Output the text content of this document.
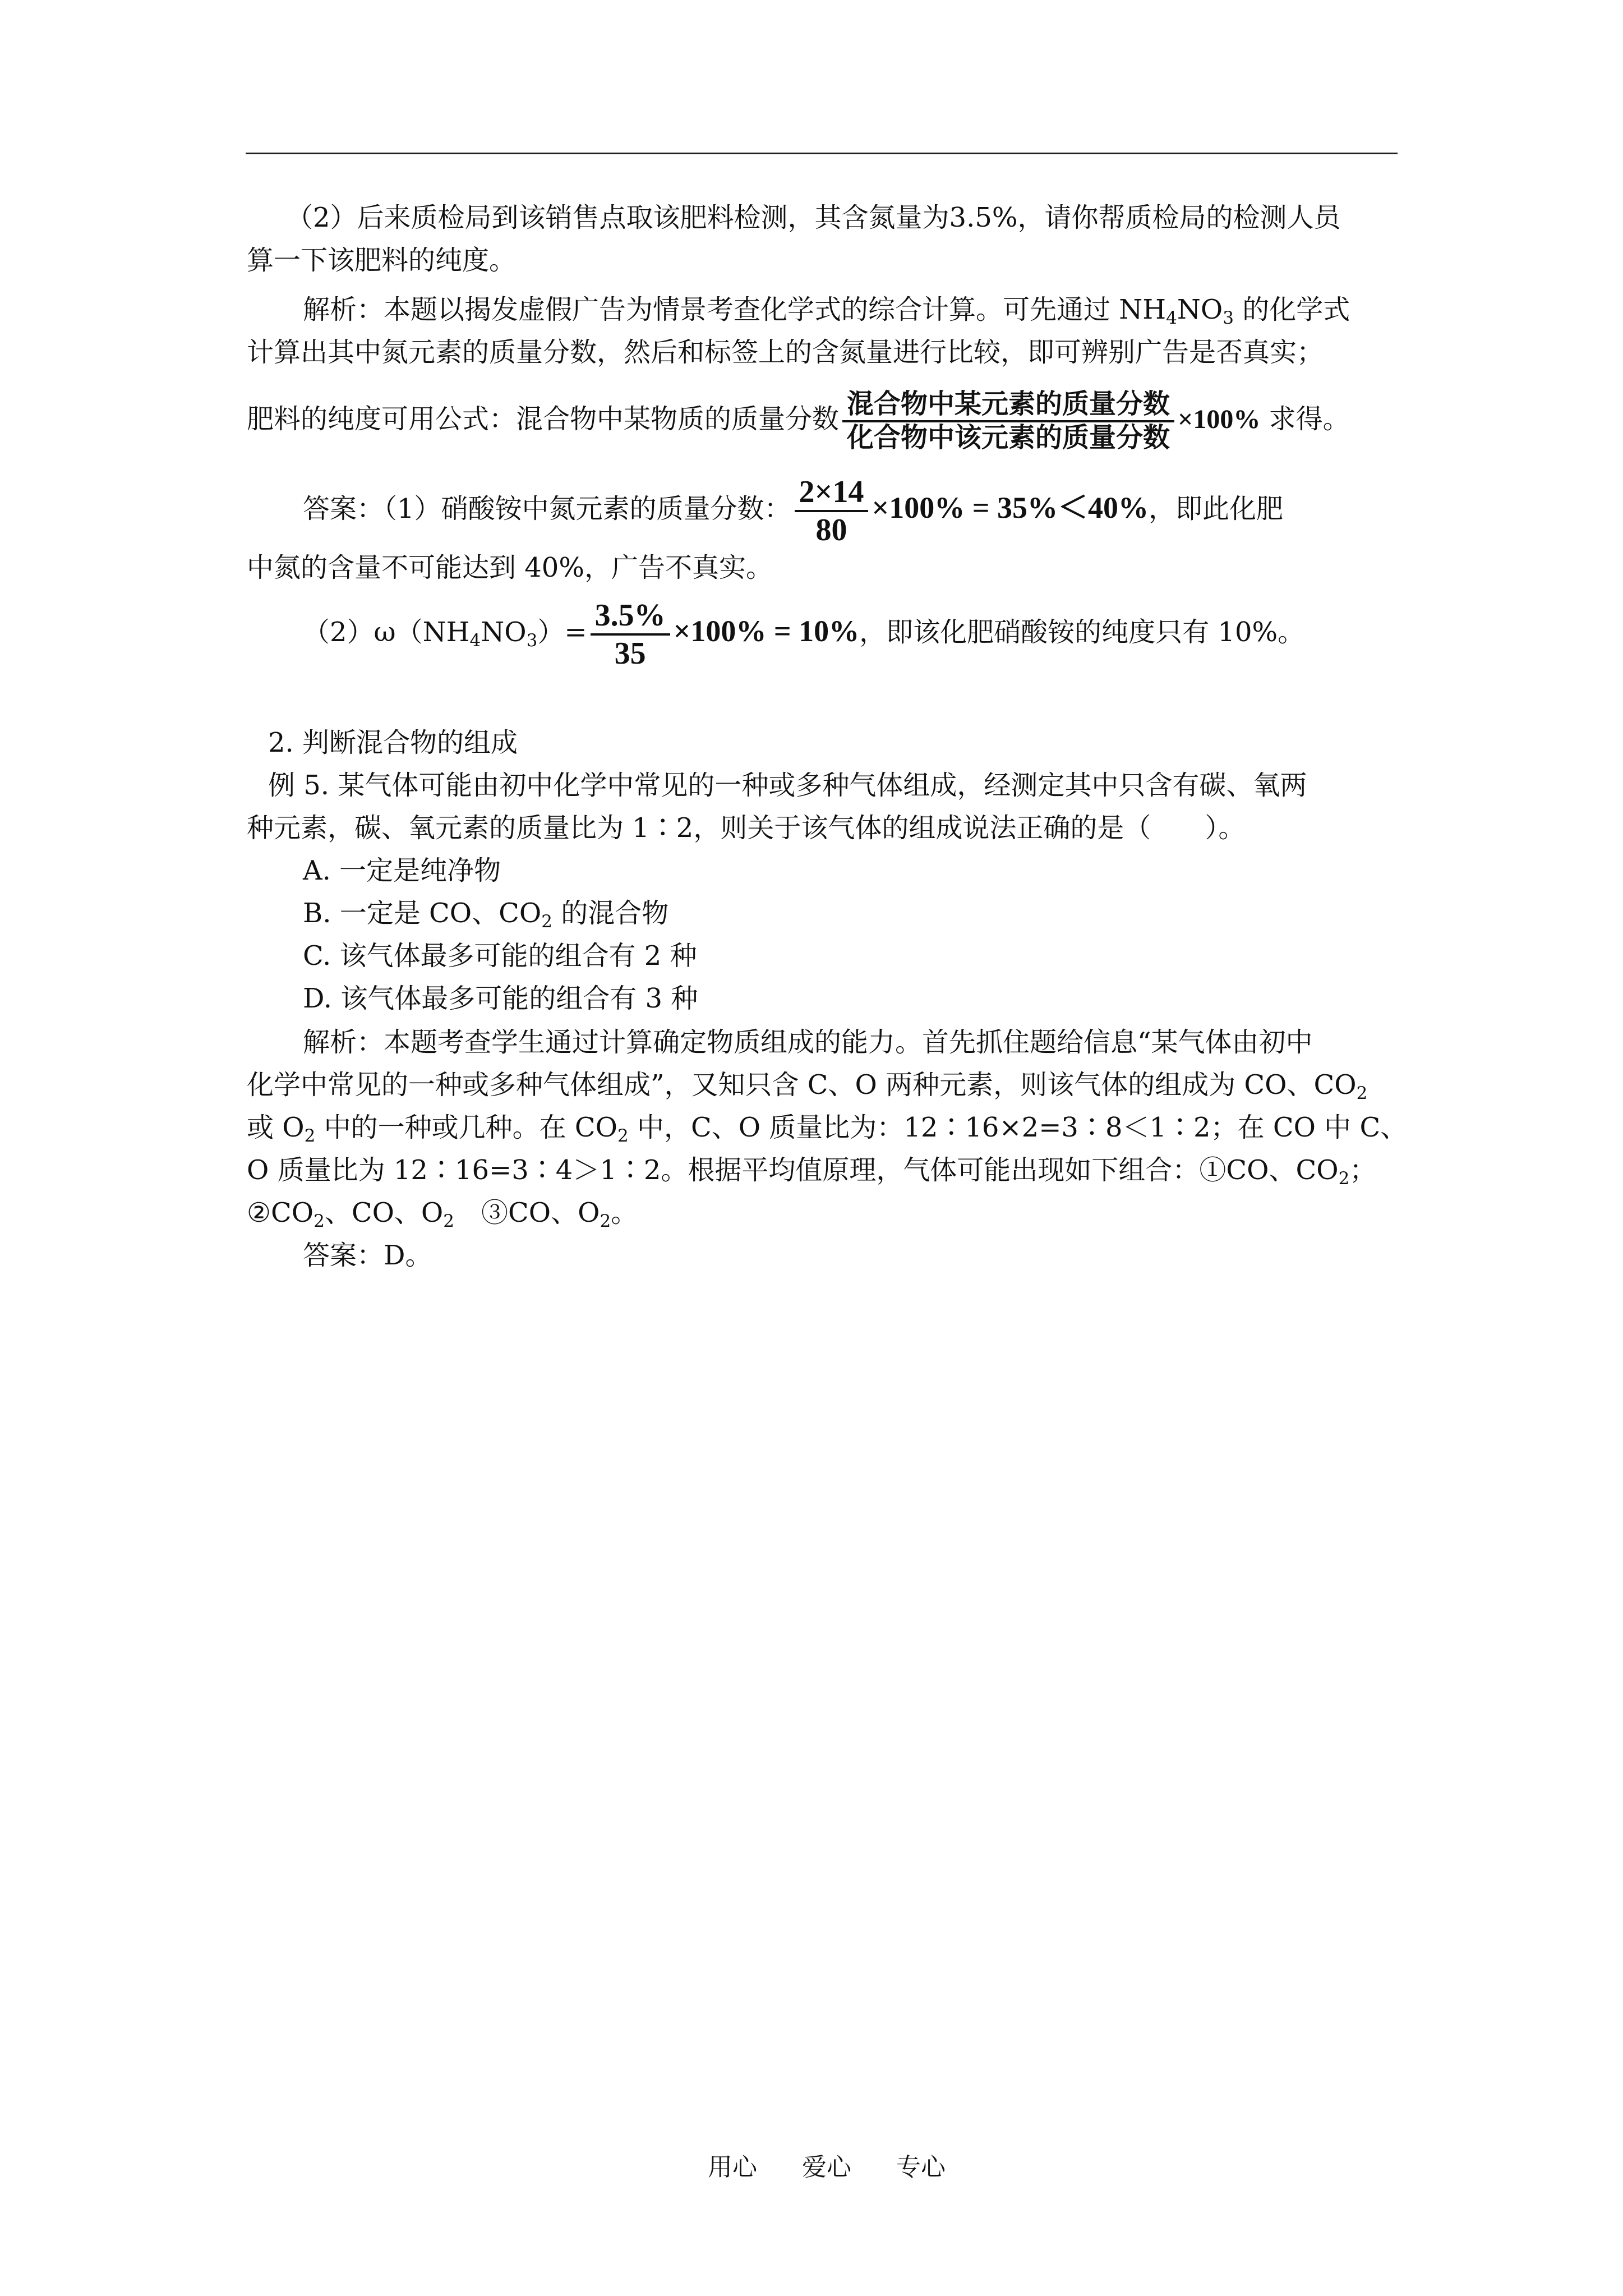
（2）后来质检局到该销售点取该肥料检测，其含氮量为3.5%，请你帮质检局的检测人员
算一下该肥料的纯度。
解析：本题以揭发虚假广告为情景考查化学式的综合计算。可先通过 $NH_4NO_3$ 的化学式
计算出其中氮元素的质量分数，然后和标签上的含氮量进行比较，即可辨别广告是否真实；
肥料的纯度可用公式：混合物中某物质的质量分数 $\frac{\text{混合物中某元素的质量分数}}{\text{化合物中该元素的质量分数}} \times 100\%$ 求得。
答案：（1）硝酸铵中氮元素的质量分数： $\frac{2\times 14}{80} \times 100\% = 35\%<40\%$，即此化肥
中氮的含量不可能达到 40%，广告不真实。
$(2)\omega(NH_4NO_3)= \frac{3.5\%}{35} \times 100\% = 10\%$，即该化肥硝酸铵的纯度只有 10%。
2. 判断混合物的组成
例 5. 某气体可能由初中化学中常见的一种或多种气体组成，经测定其中只含有碳、氧两
种元素，碳、氧元素的质量比为 1∶2，则关于该气体的组成说法正确的是（　　）。
A. 一定是纯净物
B. 一定是 CO、$CO_2$ 的混合物
C. 该气体最多可能的组合有 2 种
D. 该气体最多可能的组合有 3 种
解析：本题考查学生通过计算确定物质组成的能力。首先抓住题给信息“某气体由初中
化学中常见的一种或多种气体组成”，又知只含 C、O 两种元素，则该气体的组成为 CO、$CO_2$
或 $O_2$ 中的一种或几种。在 $CO_2$ 中，C、O 质量比为：12∶16×2=3∶8＜1∶2；在 CO 中 C、
O 质量比为 12∶16=3∶4＞1∶2。根据平均值原理，气体可能出现如下组合：①CO、$CO_2$；
$②CO_2$、CO、$O_2$　③CO、$O_2$。
答案：D。
用心 爱心 专心
